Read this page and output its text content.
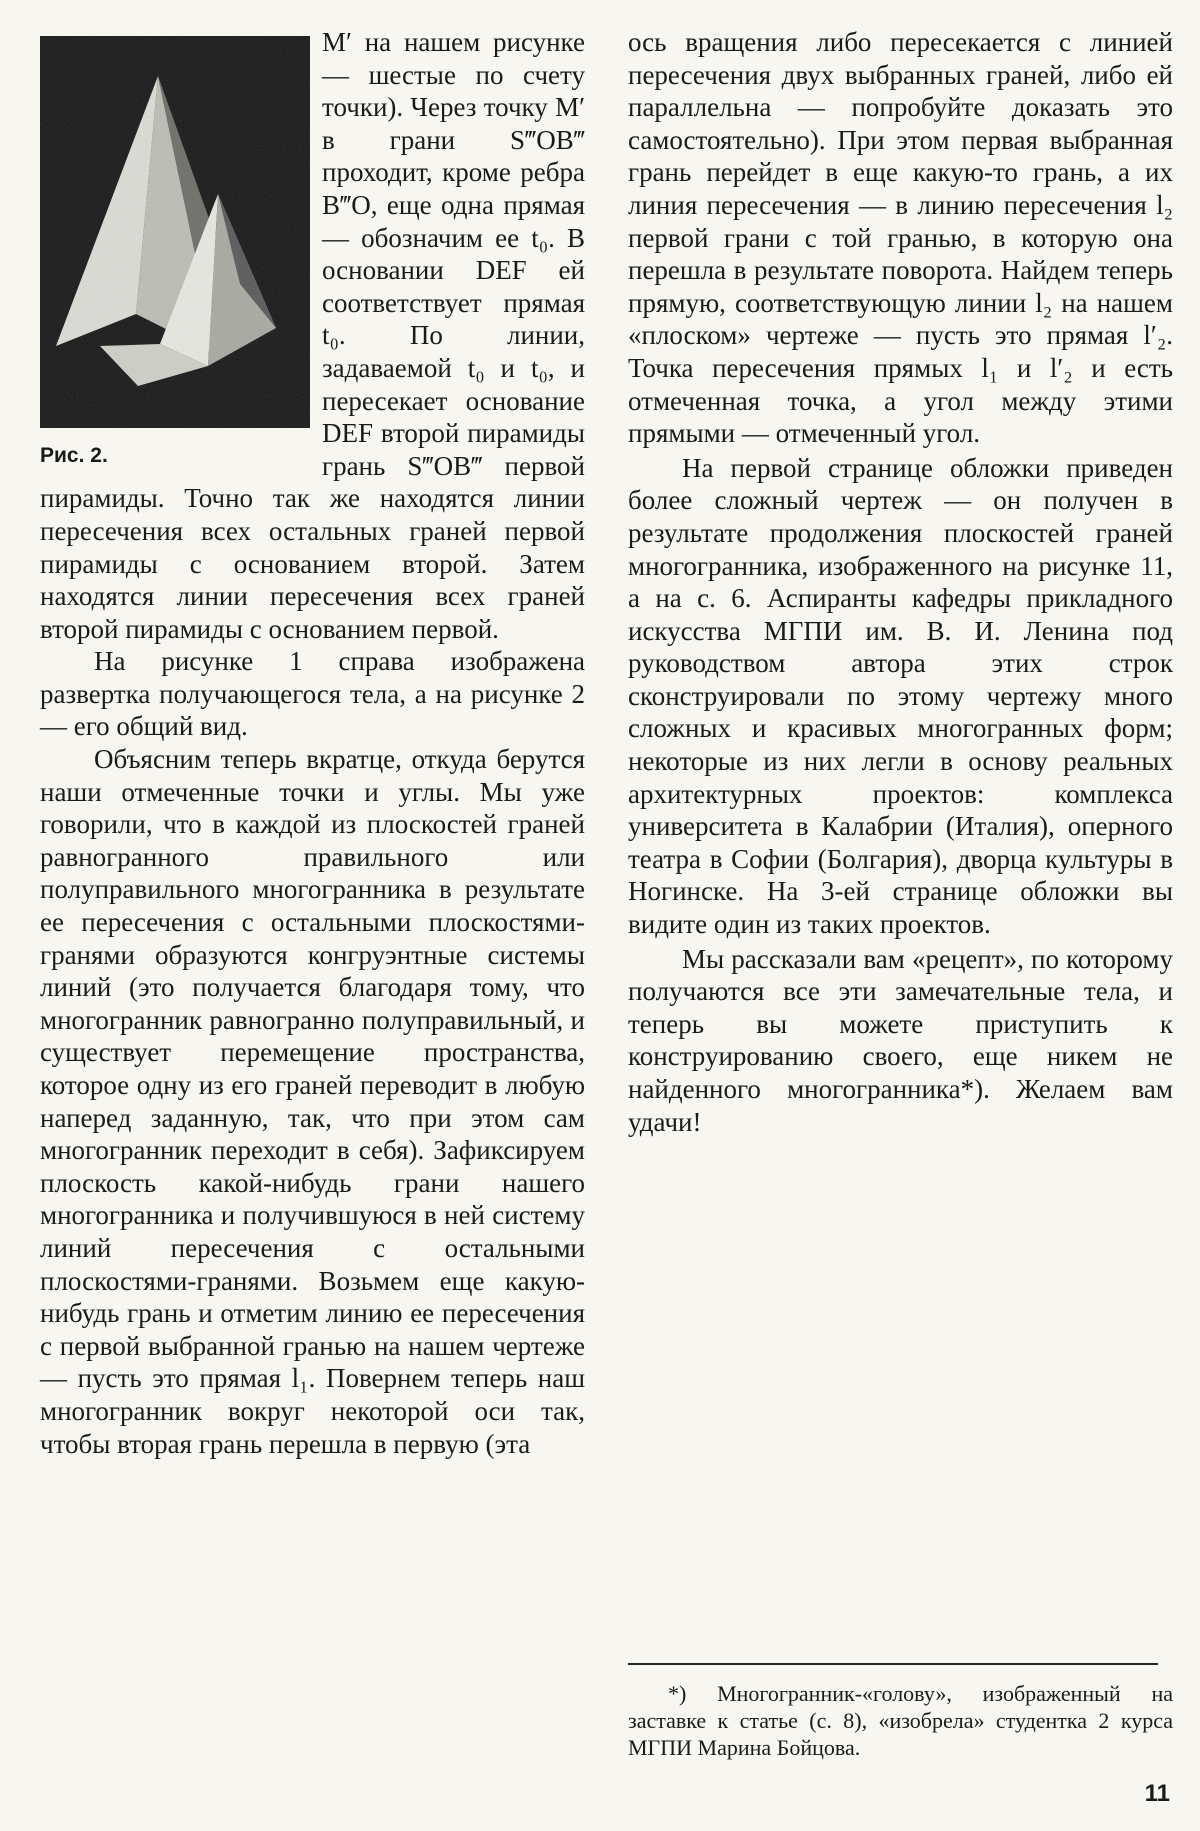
Рис. 2.

M′ на нашем рисунке — шестые по счету точки). Через точку M′ в грани S‴OB‴ проходит, кроме ребра B‴O, еще одна прямая — обозначим ее t₀. В основании DEF ей соответствует прямая t₀. По линии, задаваемой t₀ и t₀, и пересекает основание DEF второй пирамиды грань S‴OB‴ первой пирамиды. Точно так же находятся линии пересечения всех остальных граней первой пирамиды с основанием второй. Затем находятся линии пересечения всех граней второй пирамиды с основанием первой.

На рисунке 1 справа изображена развертка получающегося тела, а на рисунке 2 — его общий вид.

Объясним теперь вкратце, откуда берутся наши отмеченные точки и углы. Мы уже говорили, что в каждой из плоскостей граней равногранного правильного или полуправильного многогранника в результате ее пересечения с остальными плоскостями-гранями образуются конгруэнтные системы линий (это получается благодаря тому, что многогранник равногранно полуправильный, и существует перемещение пространства, которое одну из его граней переводит в любую наперед заданную, так, что при этом сам многогранник переходит в себя). Зафиксируем плоскость какой-нибудь грани нашего многогранника и получившуюся в ней систему линий пересечения с остальными плоскостями-гранями. Возьмем еще какую-нибудь грань и отметим линию ее пересечения с первой выбранной гранью на нашем чертеже — пусть это прямая l₁. Повернем теперь наш многогранник вокруг некоторой оси так, чтобы вторая грань перешла в первую (эта

ось вращения либо пересекается с линией пересечения двух выбранных граней, либо ей параллельна — попробуйте доказать это самостоятельно). При этом первая выбранная грань перейдет в еще какую-то грань, а их линия пересечения — в линию пересечения l₂ первой грани с той гранью, в которую она перешла в результате поворота. Найдем теперь прямую, соответствующую линии l₂ на нашем «плоском» чертеже — пусть это прямая l′₂. Точка пересечения прямых l₁ и l′₂ и есть отмеченная точка, а угол между этими прямыми — отмеченный угол.

На первой странице обложки приведен более сложный чертеж — он получен в результате продолжения плоскостей граней многогранника, изображенного на рисунке 11, а на с. 6. Аспиранты кафедры прикладного искусства МГПИ им. В. И. Ленина под руководством автора этих строк сконструировали по этому чертежу много сложных и красивых многогранных форм; некоторые из них легли в основу реальных архитектурных проектов: комплекса университета в Калабрии (Италия), оперного театра в Софии (Болгария), дворца культуры в Ногинске. На 3-ей странице обложки вы видите один из таких проектов.

Мы рассказали вам «рецепт», по которому получаются все эти замечательные тела, и теперь вы можете приступить к конструированию своего, еще никем не найденного многогранника*). Желаем вам удачи!

*) Многогранник-«голову», изображенный на заставке к статье (с. 8), «изобрела» студентка 2 курса МГПИ Марина Бойцова.
11
